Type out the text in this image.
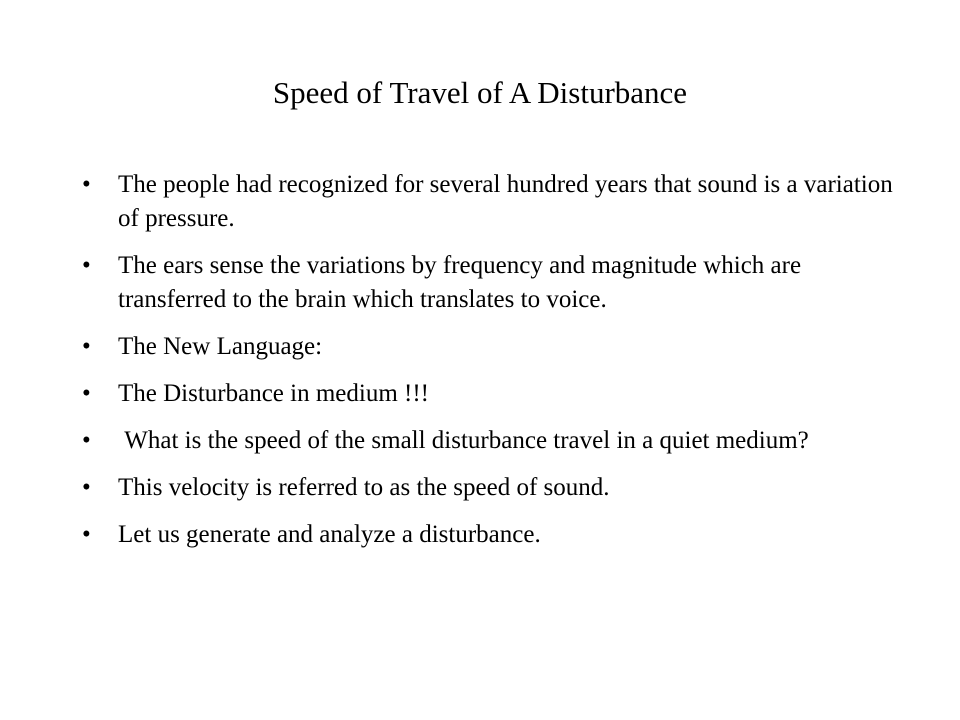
Speed of Travel of A Disturbance
• The people had recognized for several hundred years that sound is a variation of pressure.
• The ears sense the variations by frequency and magnitude which are transferred to the brain which translates to voice.
• The New Language:
• The Disturbance in medium !!!
• What is the speed of the small disturbance travel in a quiet medium?
• This velocity is referred to as the speed of sound.
• Let us generate and analyze a disturbance.
